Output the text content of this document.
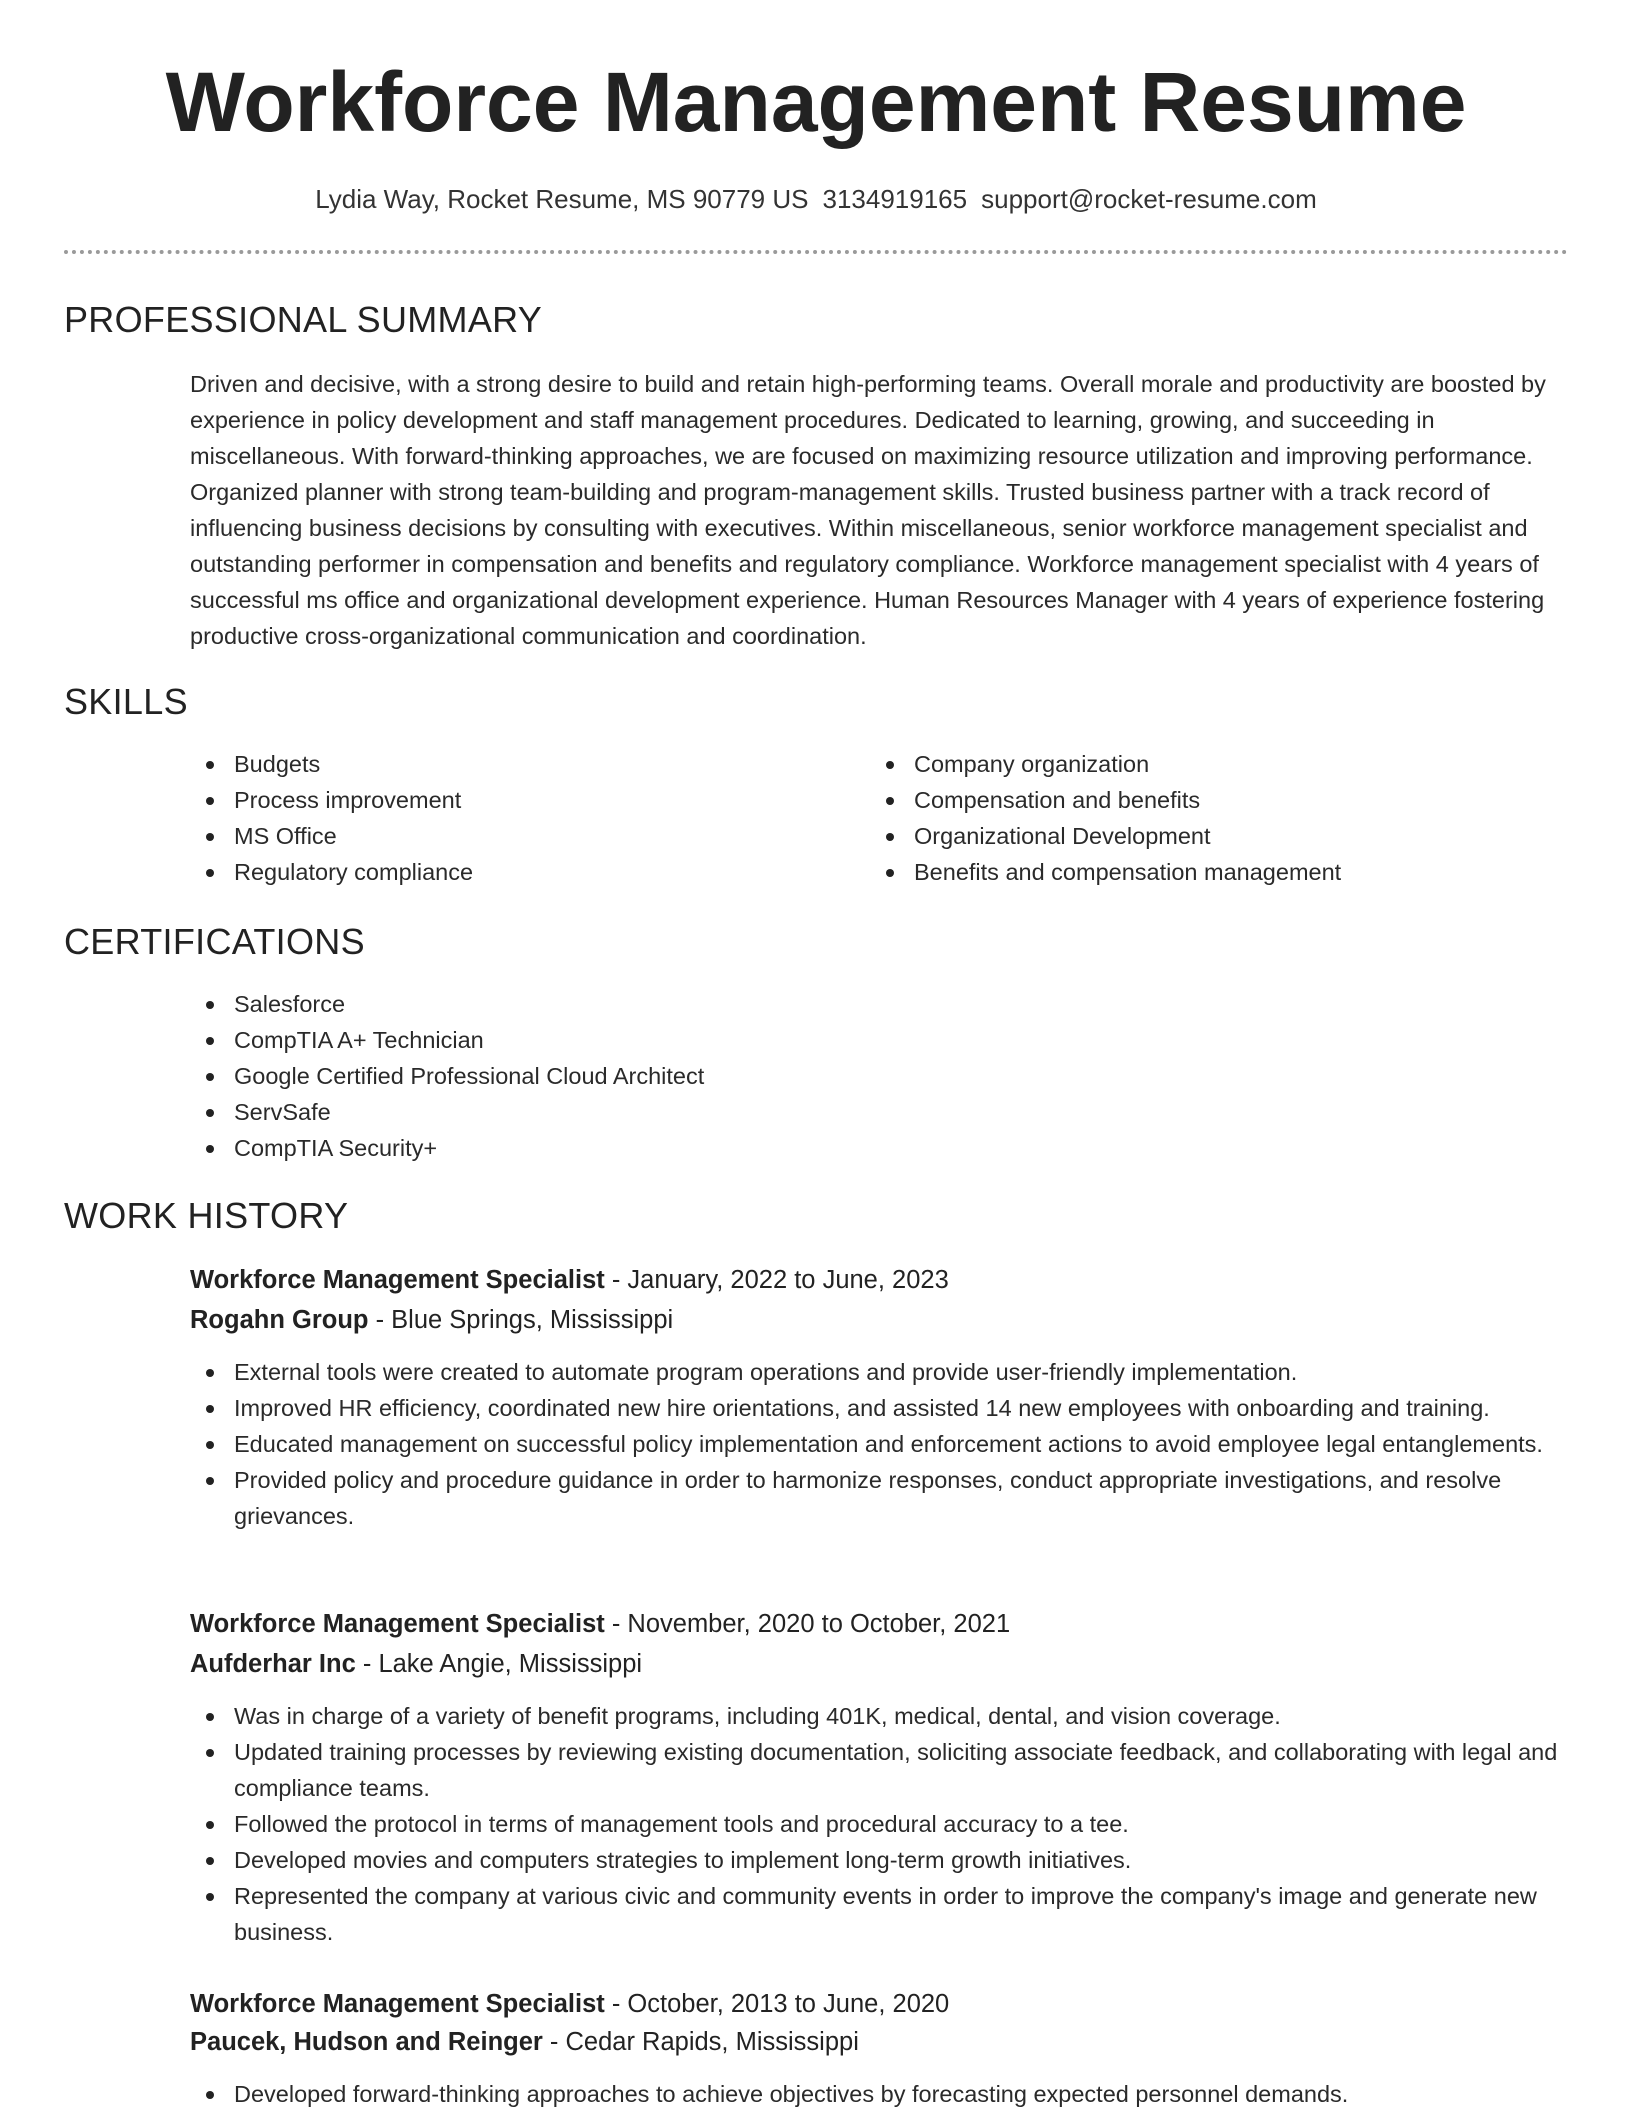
Workforce Management Resume
Lydia Way, Rocket Resume, MS 90779 US 3134919165 support@rocket-resume.com
PROFESSIONAL SUMMARY

Driven and decisive, with a strong desire to build and retain high-performing teams. Overall morale and productivity are boosted by experience in policy development and staff management procedures. Dedicated to learning, growing, and succeeding in miscellaneous. With forward-thinking approaches, we are focused on maximizing resource utilization and improving performance. Organized planner with strong team-building and program-management skills. Trusted business partner with a track record of influencing business decisions by consulting with executives. Within miscellaneous, senior workforce management specialist and outstanding performer in compensation and benefits and regulatory compliance. Workforce management specialist with 4 years of successful ms office and organizational development experience. Human Resources Manager with 4 years of experience fostering productive cross-organizational communication and coordination.

SKILLS
Budgets
Process improvement
MS Office
Regulatory compliance
Company organization
Compensation and benefits
Organizational Development
Benefits and compensation management
CERTIFICATIONS
Salesforce
CompTIA A+ Technician
Google Certified Professional Cloud Architect
ServSafe
CompTIA Security+
WORK HISTORY
Workforce Management Specialist - January, 2022 to June, 2023
Rogahn Group - Blue Springs, Mississippi
External tools were created to automate program operations and provide user-friendly implementation.
Improved HR efficiency, coordinated new hire orientations, and assisted 14 new employees with onboarding and training.
Educated management on successful policy implementation and enforcement actions to avoid employee legal entanglements.
Provided policy and procedure guidance in order to harmonize responses, conduct appropriate investigations, and resolve grievances.
Workforce Management Specialist - November, 2020 to October, 2021
Aufderhar Inc - Lake Angie, Mississippi
Was in charge of a variety of benefit programs, including 401K, medical, dental, and vision coverage.
Updated training processes by reviewing existing documentation, soliciting associate feedback, and collaborating with legal and compliance teams.
Followed the protocol in terms of management tools and procedural accuracy to a tee.
Developed movies and computers strategies to implement long-term growth initiatives.
Represented the company at various civic and community events in order to improve the company's image and generate new business.
Workforce Management Specialist - October, 2013 to June, 2020
Paucek, Hudson and Reinger - Cedar Rapids, Mississippi
Developed forward-thinking approaches to achieve objectives by forecasting expected personnel demands.
